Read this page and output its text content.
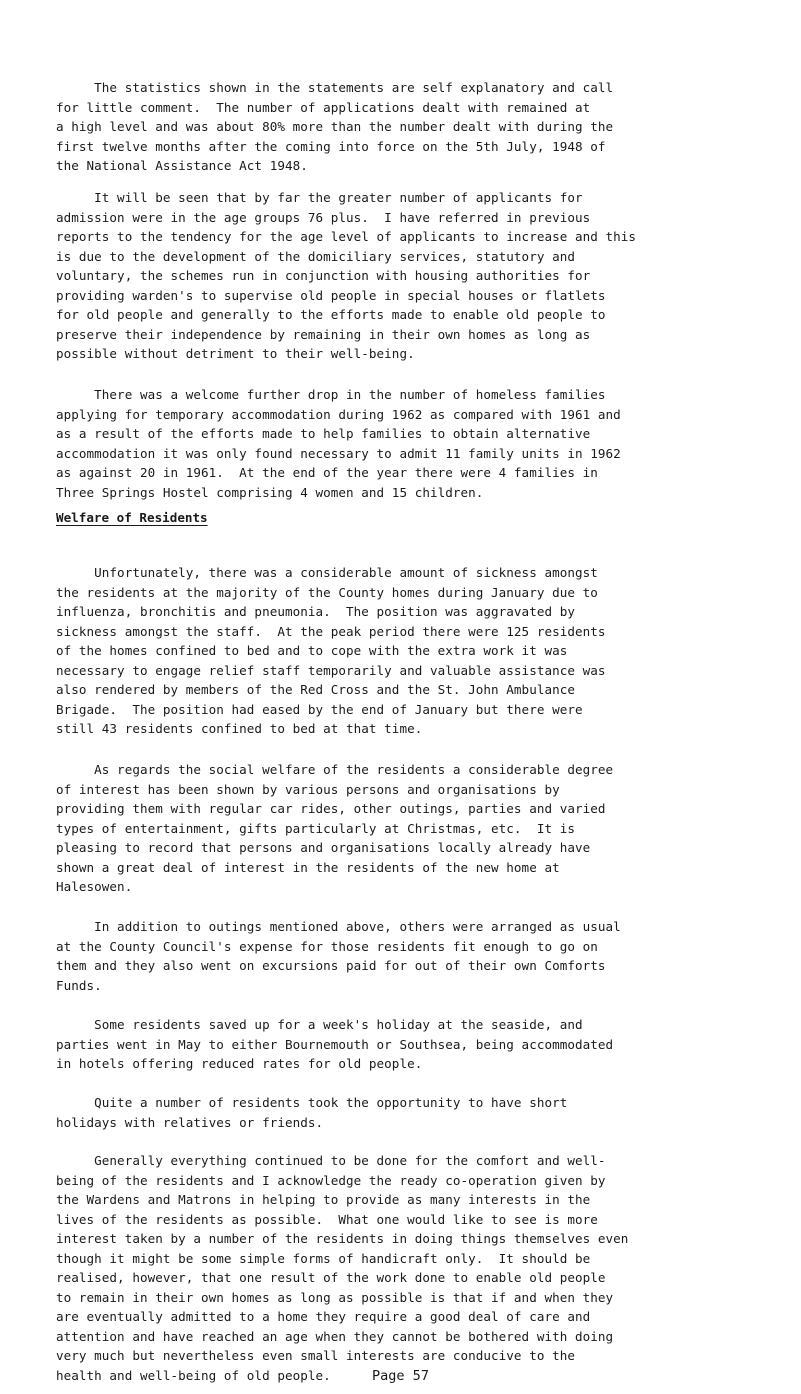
The statistics shown in the statements are self explanatory and call
for little comment.  The number of applications dealt with remained at
a high level and was about 80% more than the number dealt with during the
first twelve months after the coming into force on the 5th July, 1948 of
the National Assistance Act 1948.

It will be seen that by far the greater number of applicants for
admission were in the age groups 76 plus.  I have referred in previous
reports to the tendency for the age level of applicants to increase and this
is due to the development of the domiciliary services, statutory and
voluntary, the schemes run in conjunction with housing authorities for
providing warden's to supervise old people in special houses or flatlets
for old people and generally to the efforts made to enable old people to
preserve their independence by remaining in their own homes as long as
possible without detriment to their well-being.

There was a welcome further drop in the number of homeless families
applying for temporary accommodation during 1962 as compared with 1961 and
as a result of the efforts made to help families to obtain alternative
accommodation it was only found necessary to admit 11 family units in 1962
as against 20 in 1961.  At the end of the year there were 4 families in
Three Springs Hostel comprising 4 women and 15 children.

Welfare of Residents

Unfortunately, there was a considerable amount of sickness amongst
the residents at the majority of the County homes during January due to
influenza, bronchitis and pneumonia.  The position was aggravated by
sickness amongst the staff.  At the peak period there were 125 residents
of the homes confined to bed and to cope with the extra work it was
necessary to engage relief staff temporarily and valuable assistance was
also rendered by members of the Red Cross and the St. John Ambulance
Brigade.  The position had eased by the end of January but there were
still 43 residents confined to bed at that time.

As regards the social welfare of the residents a considerable degree
of interest has been shown by various persons and organisations by
providing them with regular car rides, other outings, parties and varied
types of entertainment, gifts particularly at Christmas, etc.  It is
pleasing to record that persons and organisations locally already have
shown a great deal of interest in the residents of the new home at
Halesowen.

In addition to outings mentioned above, others were arranged as usual
at the County Council's expense for those residents fit enough to go on
them and they also went on excursions paid for out of their own Comforts
Funds.

Some residents saved up for a week's holiday at the seaside, and
parties went in May to either Bournemouth or Southsea, being accommodated
in hotels offering reduced rates for old people.

Quite a number of residents took the opportunity to have short
holidays with relatives or friends.

Generally everything continued to be done for the comfort and well-
being of the residents and I acknowledge the ready co-operation given by
the Wardens and Matrons in helping to provide as many interests in the
lives of the residents as possible.  What one would like to see is more
interest taken by a number of the residents in doing things themselves even
though it might be some simple forms of handicraft only.  It should be
realised, however, that one result of the work done to enable old people
to remain in their own homes as long as possible is that if and when they
are eventually admitted to a home they require a good deal of care and
attention and have reached an age when they cannot be bothered with doing
very much but nevertheless even small interests are conducive to the
health and well-being of old people.	Page 57
